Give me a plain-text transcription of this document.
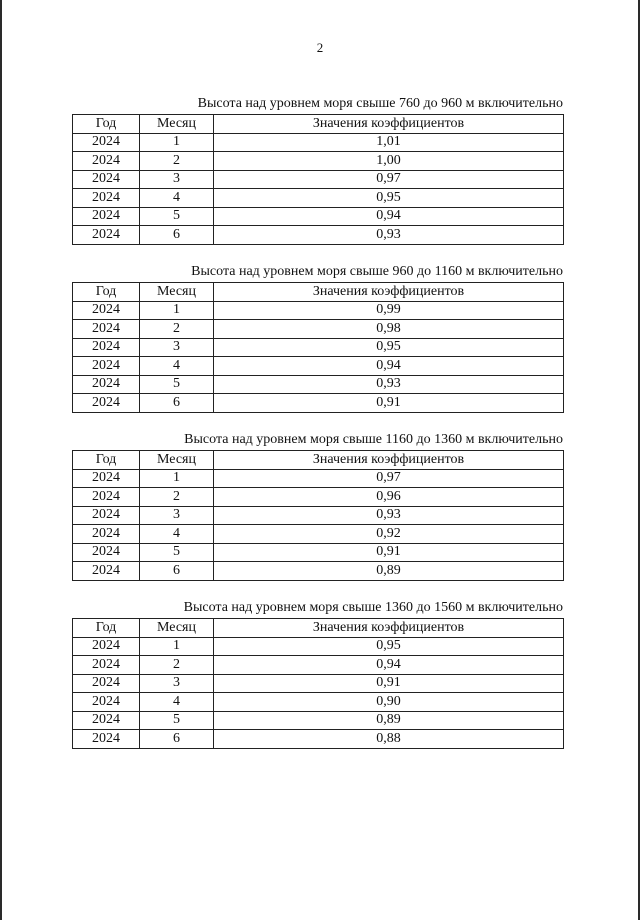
2
Высота над уровнем моря свыше 760 до 960 м включительно
Год	Месяц	Значения коэффициентов
2024	1	1,01
2024	2	1,00
2024	3	0,97
2024	4	0,95
2024	5	0,94
2024	6	0,93
Высота над уровнем моря свыше 960 до 1160 м включительно
Год	Месяц	Значения коэффициентов
2024	1	0,99
2024	2	0,98
2024	3	0,95
2024	4	0,94
2024	5	0,93
2024	6	0,91
Высота над уровнем моря свыше 1160 до 1360 м включительно
Год	Месяц	Значения коэффициентов
2024	1	0,97
2024	2	0,96
2024	3	0,93
2024	4	0,92
2024	5	0,91
2024	6	0,89
Высота над уровнем моря свыше 1360 до 1560 м включительно
Год	Месяц	Значения коэффициентов
2024	1	0,95
2024	2	0,94
2024	3	0,91
2024	4	0,90
2024	5	0,89
2024	6	0,88
